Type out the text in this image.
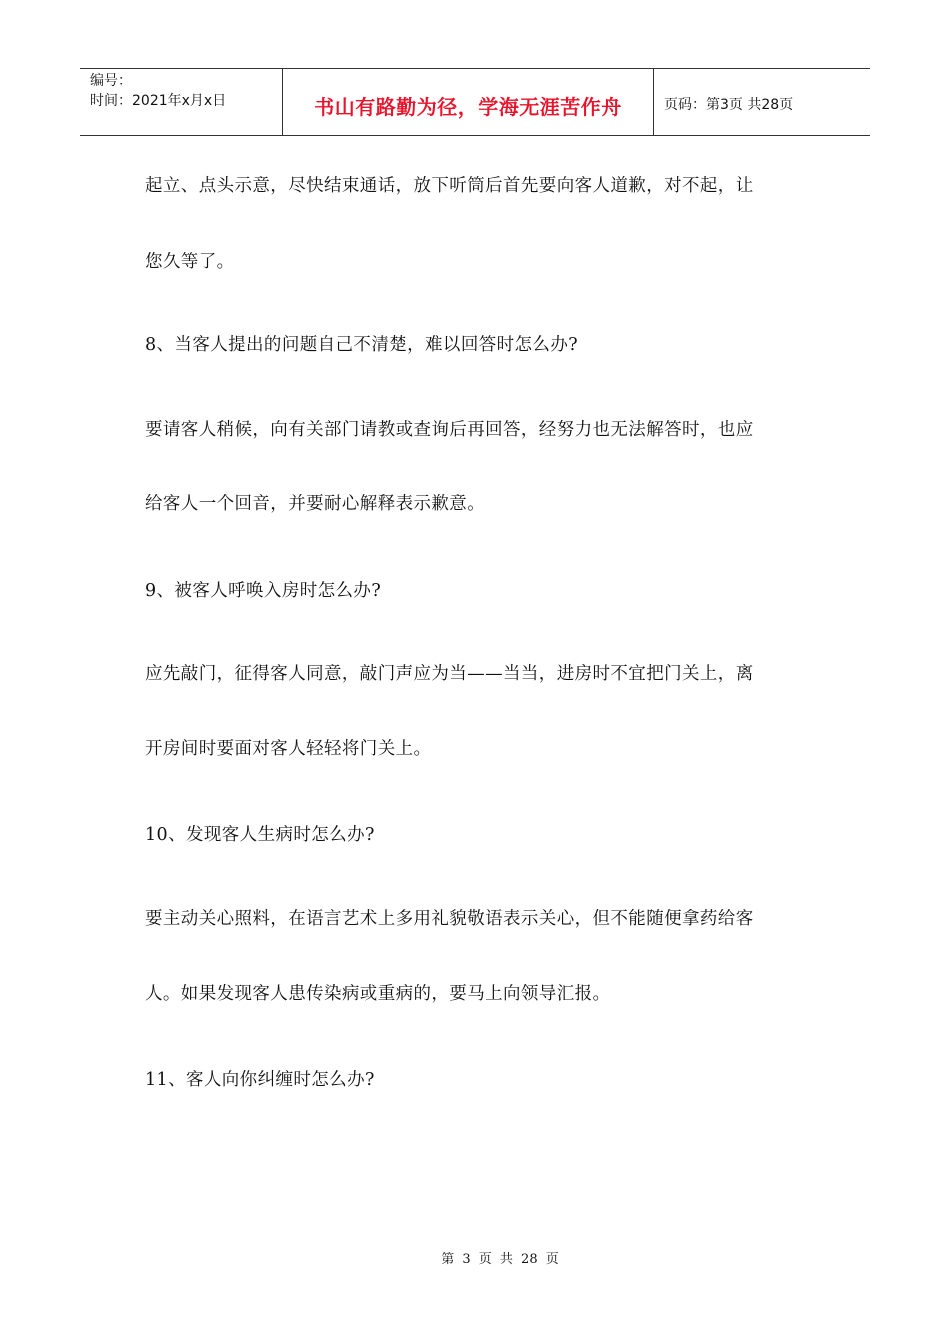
编号：
时间：2021年x月x日	书山有路勤为径，学海无涯苦作舟	页码：第3页 共28页
起立、点头示意，尽快结束通话，放下听筒后首先要向客人道歉，对不起，让
您久等了。
8、当客人提出的问题自己不清楚，难以回答时怎么办?
要请客人稍候，向有关部门请教或查询后再回答，经努力也无法解答时，也应
给客人一个回音，并要耐心解释表示歉意。
9、被客人呼唤入房时怎么办?
应先敲门，征得客人同意，敲门声应为当——当当，进房时不宜把门关上，离
开房间时要面对客人轻轻将门关上。
10、发现客人生病时怎么办?
要主动关心照料，在语言艺术上多用礼貌敬语表示关心，但不能随便拿药给客
人。如果发现客人患传染病或重病的，要马上向领导汇报。
11、客人向你纠缠时怎么办?
第 3 页 共 28 页
